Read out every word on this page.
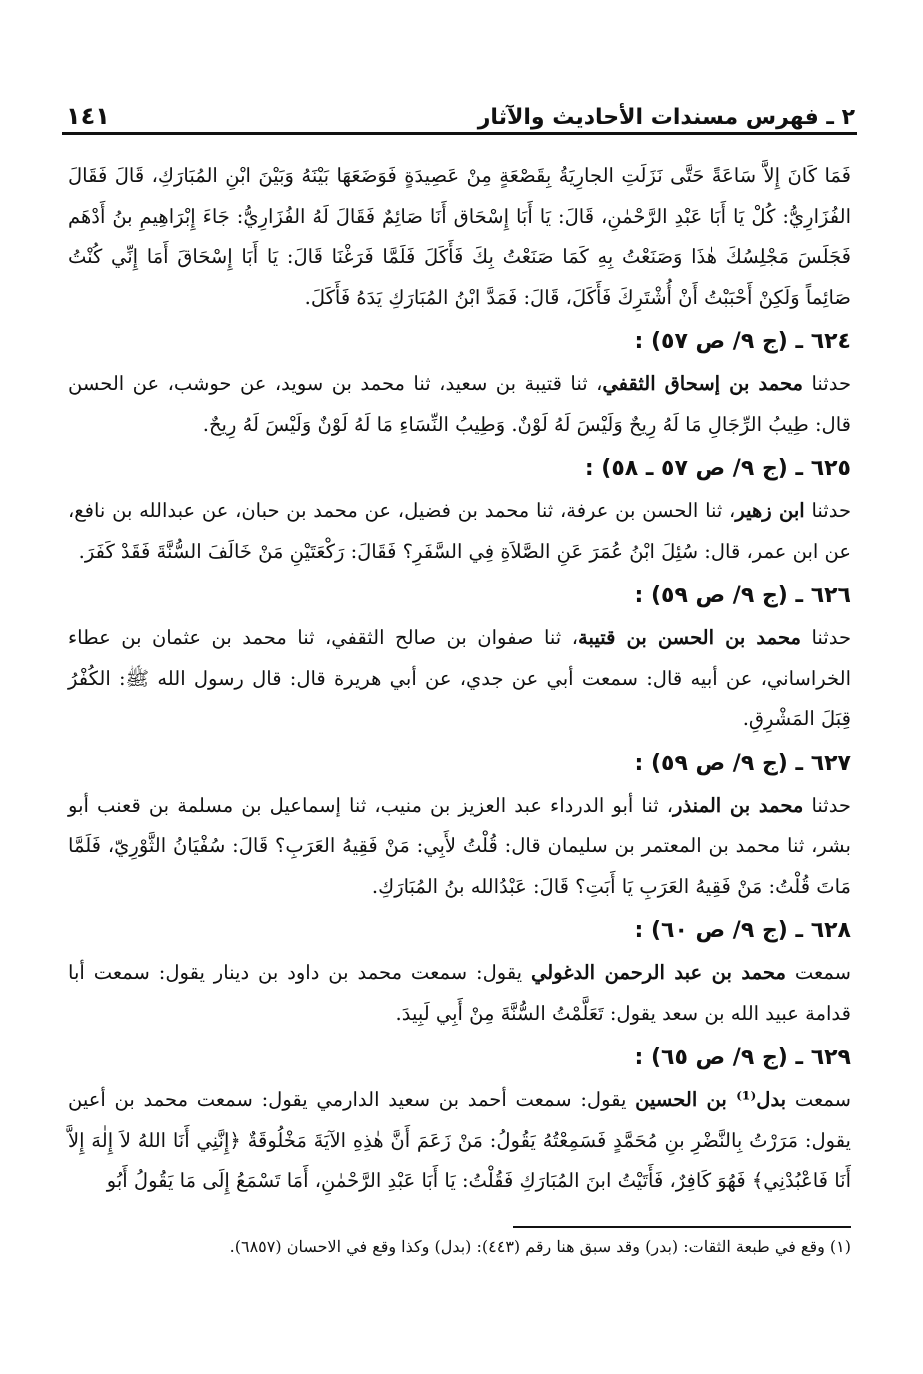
٢ ـ فهرس مسندات الأحاديث والآثار
١٤١

فَمَا كَانَ إِلاَّ سَاعَةً حَتَّى نَزَلَتِ الجارِيَةُ بِقَصْعَةٍ مِنْ عَصِيدَةٍ فَوَضَعَهَا بَيْنَهُ وَبَيْنَ ابْنِ المُبَارَكِ، قَالَ فَقَالَ الفُزَارِيُّ: كُلْ يَا أَبَا عَبْدِ الرَّحْمٰنِ، قَالَ: يَا أَبَا إِسْحَاق أَنَا صَائِمٌ فَقَالَ لَهُ الفُزَارِيُّ: جَاءَ إِبْرَاهِيمِ بنُ أَدْهَم فَجَلَسَ مَجْلِسُكَ هٰذَا وَصَنَعْتُ بِهِ كَمَا صَنَعْتُ بِكَ فَأَكَلَ فَلَمَّا فَرَغْنَا قَالَ: يَا أَبَا إِسْحَاقَ أَمَا إِنِّي كُنْتُ صَائِماً وَلَكِنْ أَحْبَبْتُ أَنْ أُشْتَرِكَ فَأَكَلَ، قَالَ: فَمَدَّ ابْنُ المُبَارَكِ يَدَهُ فَأَكَلَ.

٦٢٤ ـ (ج ٩/ ص ٥٧) :

حدثنا محمد بن إسحاق الثقفي، ثنا قتيبة بن سعيد، ثنا محمد بن سويد، عن حوشب، عن الحسن قال: طِيبُ الرِّجَالِ مَا لَهُ رِيحٌ وَلَيْسَ لَهُ لَوْنٌ. وَطِيبُ النِّسَاءِ مَا لَهُ لَوْنٌ وَلَيْسَ لَهُ رِيحٌ.

٦٢٥ ـ (ج ٩/ ص ٥٧ ـ ٥٨) :

حدثنا ابن زهير، ثنا الحسن بن عرفة، ثنا محمد بن فضيل، عن محمد بن حبان، عن عبدالله بن نافع، عن ابن عمر، قال: سُئِلَ ابْنُ عُمَرَ عَنِ الصَّلاَةِ فِي السَّفَرِ؟ فَقَالَ: رَكْعَتَيْنِ مَنْ خَالَفَ السُّنَّةَ فَقَدْ كَفَرَ.

٦٢٦ ـ (ج ٩/ ص ٥٩) :

حدثنا محمد بن الحسن بن قتيبة، ثنا صفوان بن صالح الثقفي، ثنا محمد بن عثمان بن عطاء الخراساني، عن أبيه قال: سمعت أبي عن جدي، عن أبي هريرة قال: قال رسول الله ﷺ: الكُفْرُ قِبَلَ المَشْرِقِ.

٦٢٧ ـ (ج ٩/ ص ٥٩) :

حدثنا محمد بن المنذر، ثنا أبو الدرداء عبد العزيز بن منيب، ثنا إسماعيل بن مسلمة بن قعنب أبو بشر، ثنا محمد بن المعتمر بن سليمان قال: قُلْتُ لأَبِي: مَنْ فَقِيهُ العَرَبِ؟ قَالَ: سُفْيَانُ الثَّوْرِيّ، فَلَمَّا مَاتَ قُلْتُ: مَنْ فَقِيهُ العَرَبِ يَا أَبَتِ؟ قَالَ: عَبْدُالله بنُ المُبَارَكِ.

٦٢٨ ـ (ج ٩/ ص ٦٠) :

سمعت محمد بن عبد الرحمن الدغولي يقول: سمعت محمد بن داود بن دينار يقول: سمعت أبا قدامة عبيد الله بن سعد يقول: تَعَلَّمْتُ السُّنَّةَ مِنْ أَبِي لَبِيدَ.

٦٢٩ ـ (ج ٩/ ص ٦٥) :

سمعت بدل⁽¹⁾ بن الحسين يقول: سمعت أحمد بن سعيد الدارمي يقول: سمعت محمد بن أعين يقول: مَرَرْتُ بِالنَّضْرِ بنِ مُحَمَّدٍ فَسَمِعْتُهُ يَقُولُ: مَنْ زَعَمَ أَنَّ هٰذِهِ الآيَةَ مَخْلُوقَةٌ ﴿إِنَّنِي أَنَا اللهُ لاَ إِلٰهَ إِلاَّ أَنَا فَاعْبُدْنِي﴾ فَهُوَ كَافِرٌ، فَأَتَيْتُ ابنَ المُبَارَكِ فَقُلْتُ: يَا أَبَا عَبْدِ الرَّحْمٰنِ، أَمَا تَسْمَعُ إِلَى مَا يَقُولُ أَبُو

(١) وقع في طبعة الثقات: (بدر) وقد سبق هنا رقم (٤٤٣): (بدل) وكذا وقع في الاحسان (٦٨٥٧).
